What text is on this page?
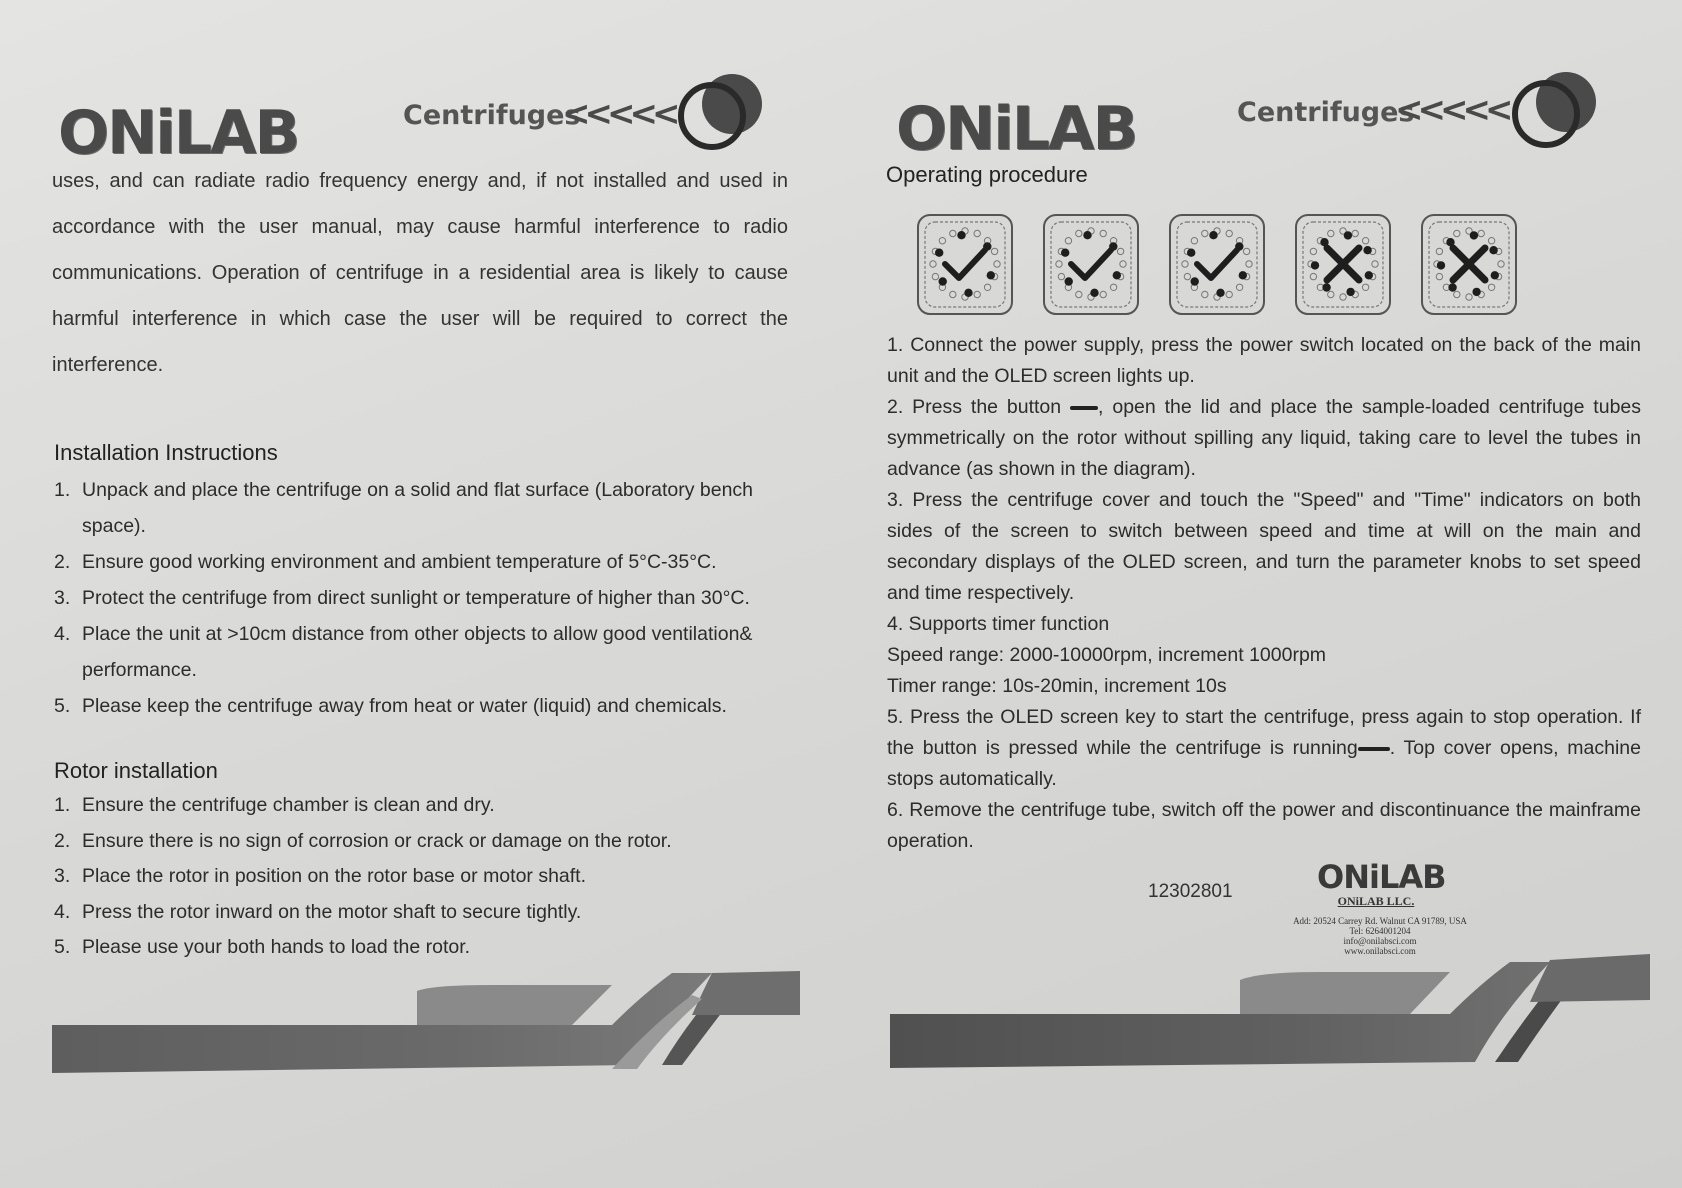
ONiLAB	Centrifuges
<<<<<
uses, and can radiate radio frequency energy and, if not installed and used in accordance with the user manual, may cause harmful interference to radio communications. Operation of centrifuge in a residential area is likely to cause harmful interference in which case the user will be required to correct the interference.
Installation Instructions
1. Unpack and place the centrifuge on a solid and flat surface (Laboratory bench space).
2. Ensure good working environment and ambient temperature of 5°C-35°C.
3. Protect the centrifuge from direct sunlight or temperature of higher than 30°C.
4. Place the unit at >10cm distance from other objects to allow good ventilation& performance.
5. Please keep the centrifuge away from heat or water (liquid) and chemicals.
Rotor installation
1. Ensure the centrifuge chamber is clean and dry.
2. Ensure there is no sign of corrosion or crack or damage on the rotor.
3. Place the rotor in position on the rotor base or motor shaft.
4. Press the rotor inward on the motor shaft to secure tightly.
5. Please use your both hands to load the rotor.
ONiLAB	Centrifuges
<<<<<
Operating procedure

1. Connect the power supply, press the power switch located on the back of the main unit and the OLED screen lights up.

2. Press the button , open the lid and place the sample-loaded centrifuge tubes symmetrically on the rotor without spilling any liquid, taking care to level the tubes in advance (as shown in the diagram).

3. Press the centrifuge cover and touch the "Speed" and "Time" indicators on both sides of the screen to switch between speed and time at will on the main and secondary displays of the OLED screen, and turn the parameter knobs to set speed and time respectively.

4. Supports timer function

Speed range: 2000-10000rpm, increment 1000rpm

Timer range: 10s-20min, increment 10s

5. Press the OLED screen key to start the centrifuge, press again to stop operation. If the button is pressed while the centrifuge is running . Top cover opens, machine stops automatically.

6. Remove the centrifuge tube, switch off the power and discontinuance the mainframe operation.

12302801	ONiLAB
ONiLAB LLC.
Add: 20524 Carrey Rd. Walnut CA 91789, USA
Tel: 6264001204
info@onilabsci.com
www.onilabsci.com
